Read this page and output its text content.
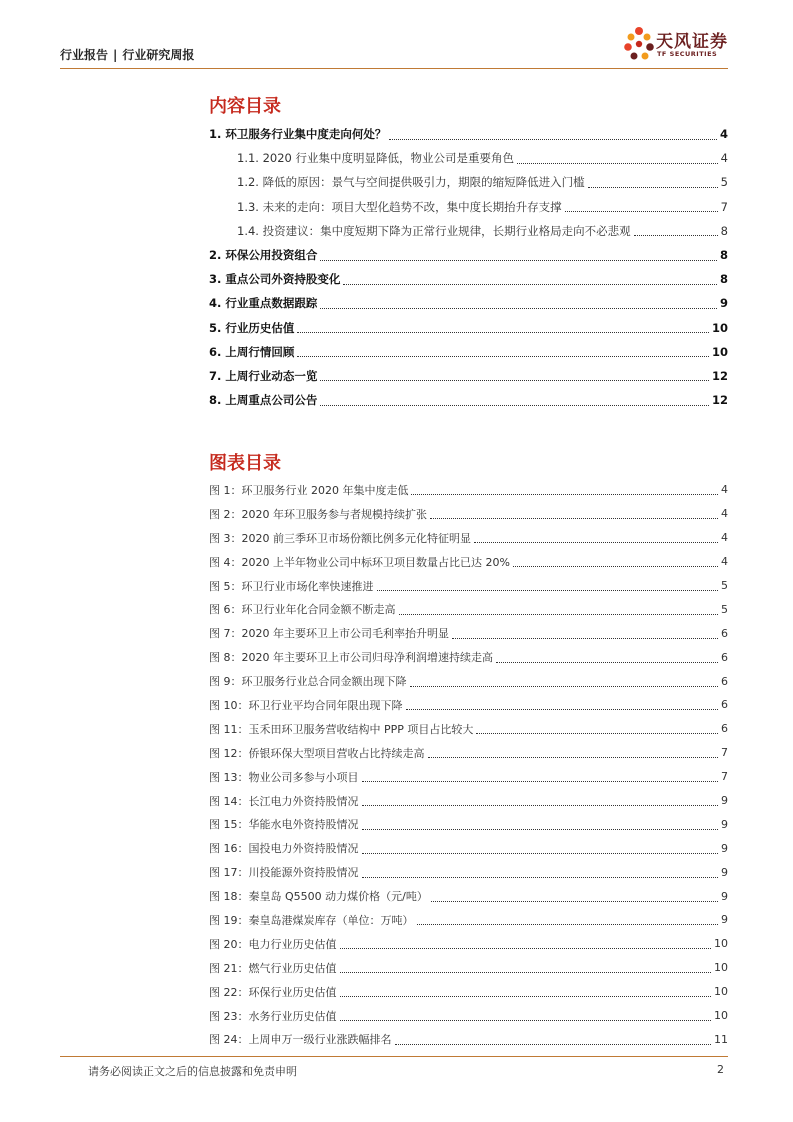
行业报告 | 行业研究周报
天风证券
TF SECURITIES
内容目录
1. 环卫服务行业集中度走向何处？	4
1.1. 2020 行业集中度明显降低，物业公司是重要角色	4
1.2. 降低的原因：景气与空间提供吸引力，期限的缩短降低进入门槛	5
1.3. 未来的走向：项目大型化趋势不改，集中度长期抬升存支撑	7
1.4. 投资建议：集中度短期下降为正常行业规律，长期行业格局走向不必悲观	8
2. 环保公用投资组合	8
3. 重点公司外资持股变化	8
4. 行业重点数据跟踪	9
5. 行业历史估值	10
6. 上周行情回顾	10
7. 上周行业动态一览	12
8. 上周重点公司公告	12
图表目录
图 1：环卫服务行业 2020 年集中度走低	4
图 2：2020 年环卫服务参与者规模持续扩张	4
图 3：2020 前三季环卫市场份额比例多元化特征明显	4
图 4：2020 上半年物业公司中标环卫项目数量占比已达 20%	4
图 5：环卫行业市场化率快速推进	5
图 6：环卫行业年化合同金额不断走高	5
图 7：2020 年主要环卫上市公司毛利率抬升明显	6
图 8：2020 年主要环卫上市公司归母净利润增速持续走高	6
图 9：环卫服务行业总合同金额出现下降	6
图 10：环卫行业平均合同年限出现下降	6
图 11：玉禾田环卫服务营收结构中 PPP 项目占比较大	6
图 12：侨银环保大型项目营收占比持续走高	7
图 13：物业公司多参与小项目	7
图 14：长江电力外资持股情况	9
图 15：华能水电外资持股情况	9
图 16：国投电力外资持股情况	9
图 17：川投能源外资持股情况	9
图 18：秦皇岛 Q5500 动力煤价格（元/吨）	9
图 19：秦皇岛港煤炭库存（单位：万吨）	9
图 20：电力行业历史估值	10
图 21：燃气行业历史估值	10
图 22：环保行业历史估值	10
图 23：水务行业历史估值	10
图 24：上周申万一级行业涨跌幅排名	11
请务必阅读正文之后的信息披露和免责申明	2
